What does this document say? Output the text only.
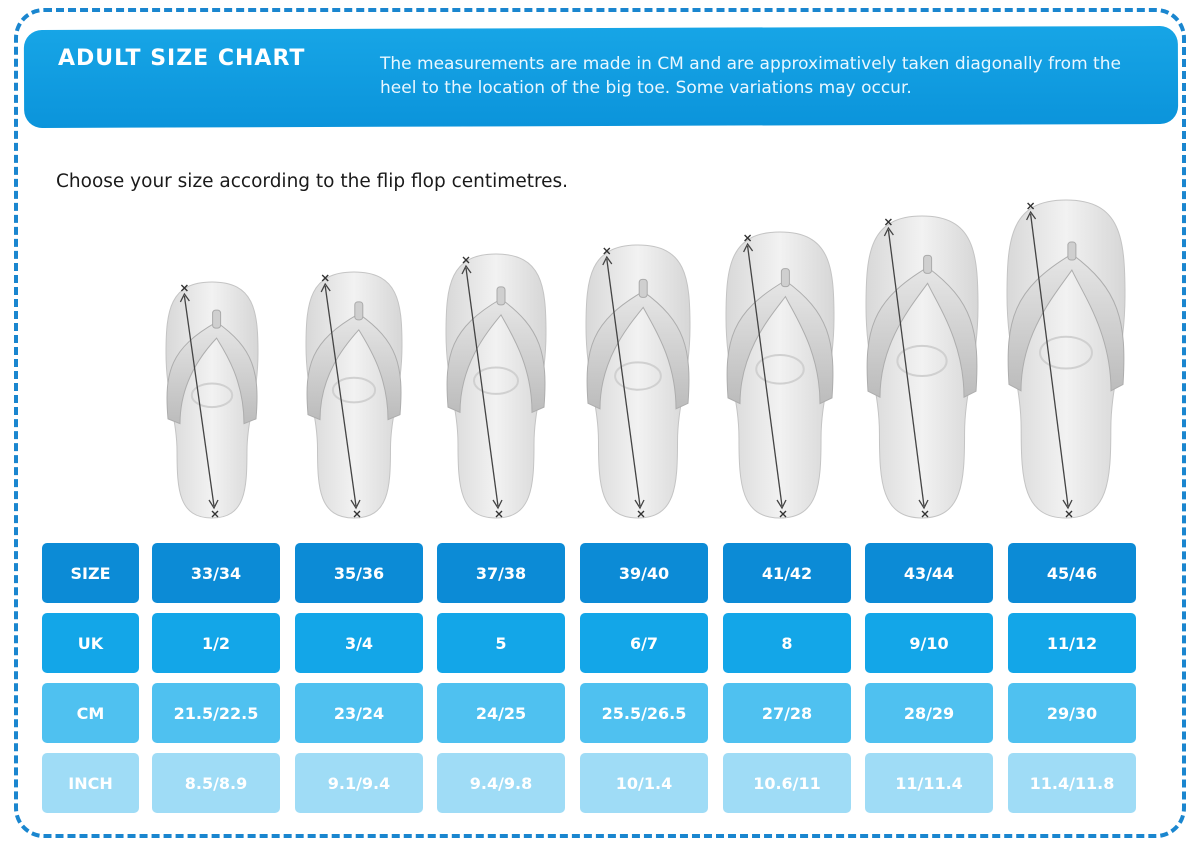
ADULT SIZE CHART	The measurements are made in CM and are approximatively taken diagonally from the heel to the location of the big toe. Some variations may occur.
Choose your size according to the flip flop centimetres.
SIZE	33/34	35/36	37/38	39/40	41/42	43/44	45/46
UK	1/2	3/4	5	6/7	8	9/10	11/12
CM	21.5/22.5	23/24	24/25	25.5/26.5	27/28	28/29	29/30
INCH	8.5/8.9	9.1/9.4	9.4/9.8	10/1.4	10.6/11	11/11.4	11.4/11.8
